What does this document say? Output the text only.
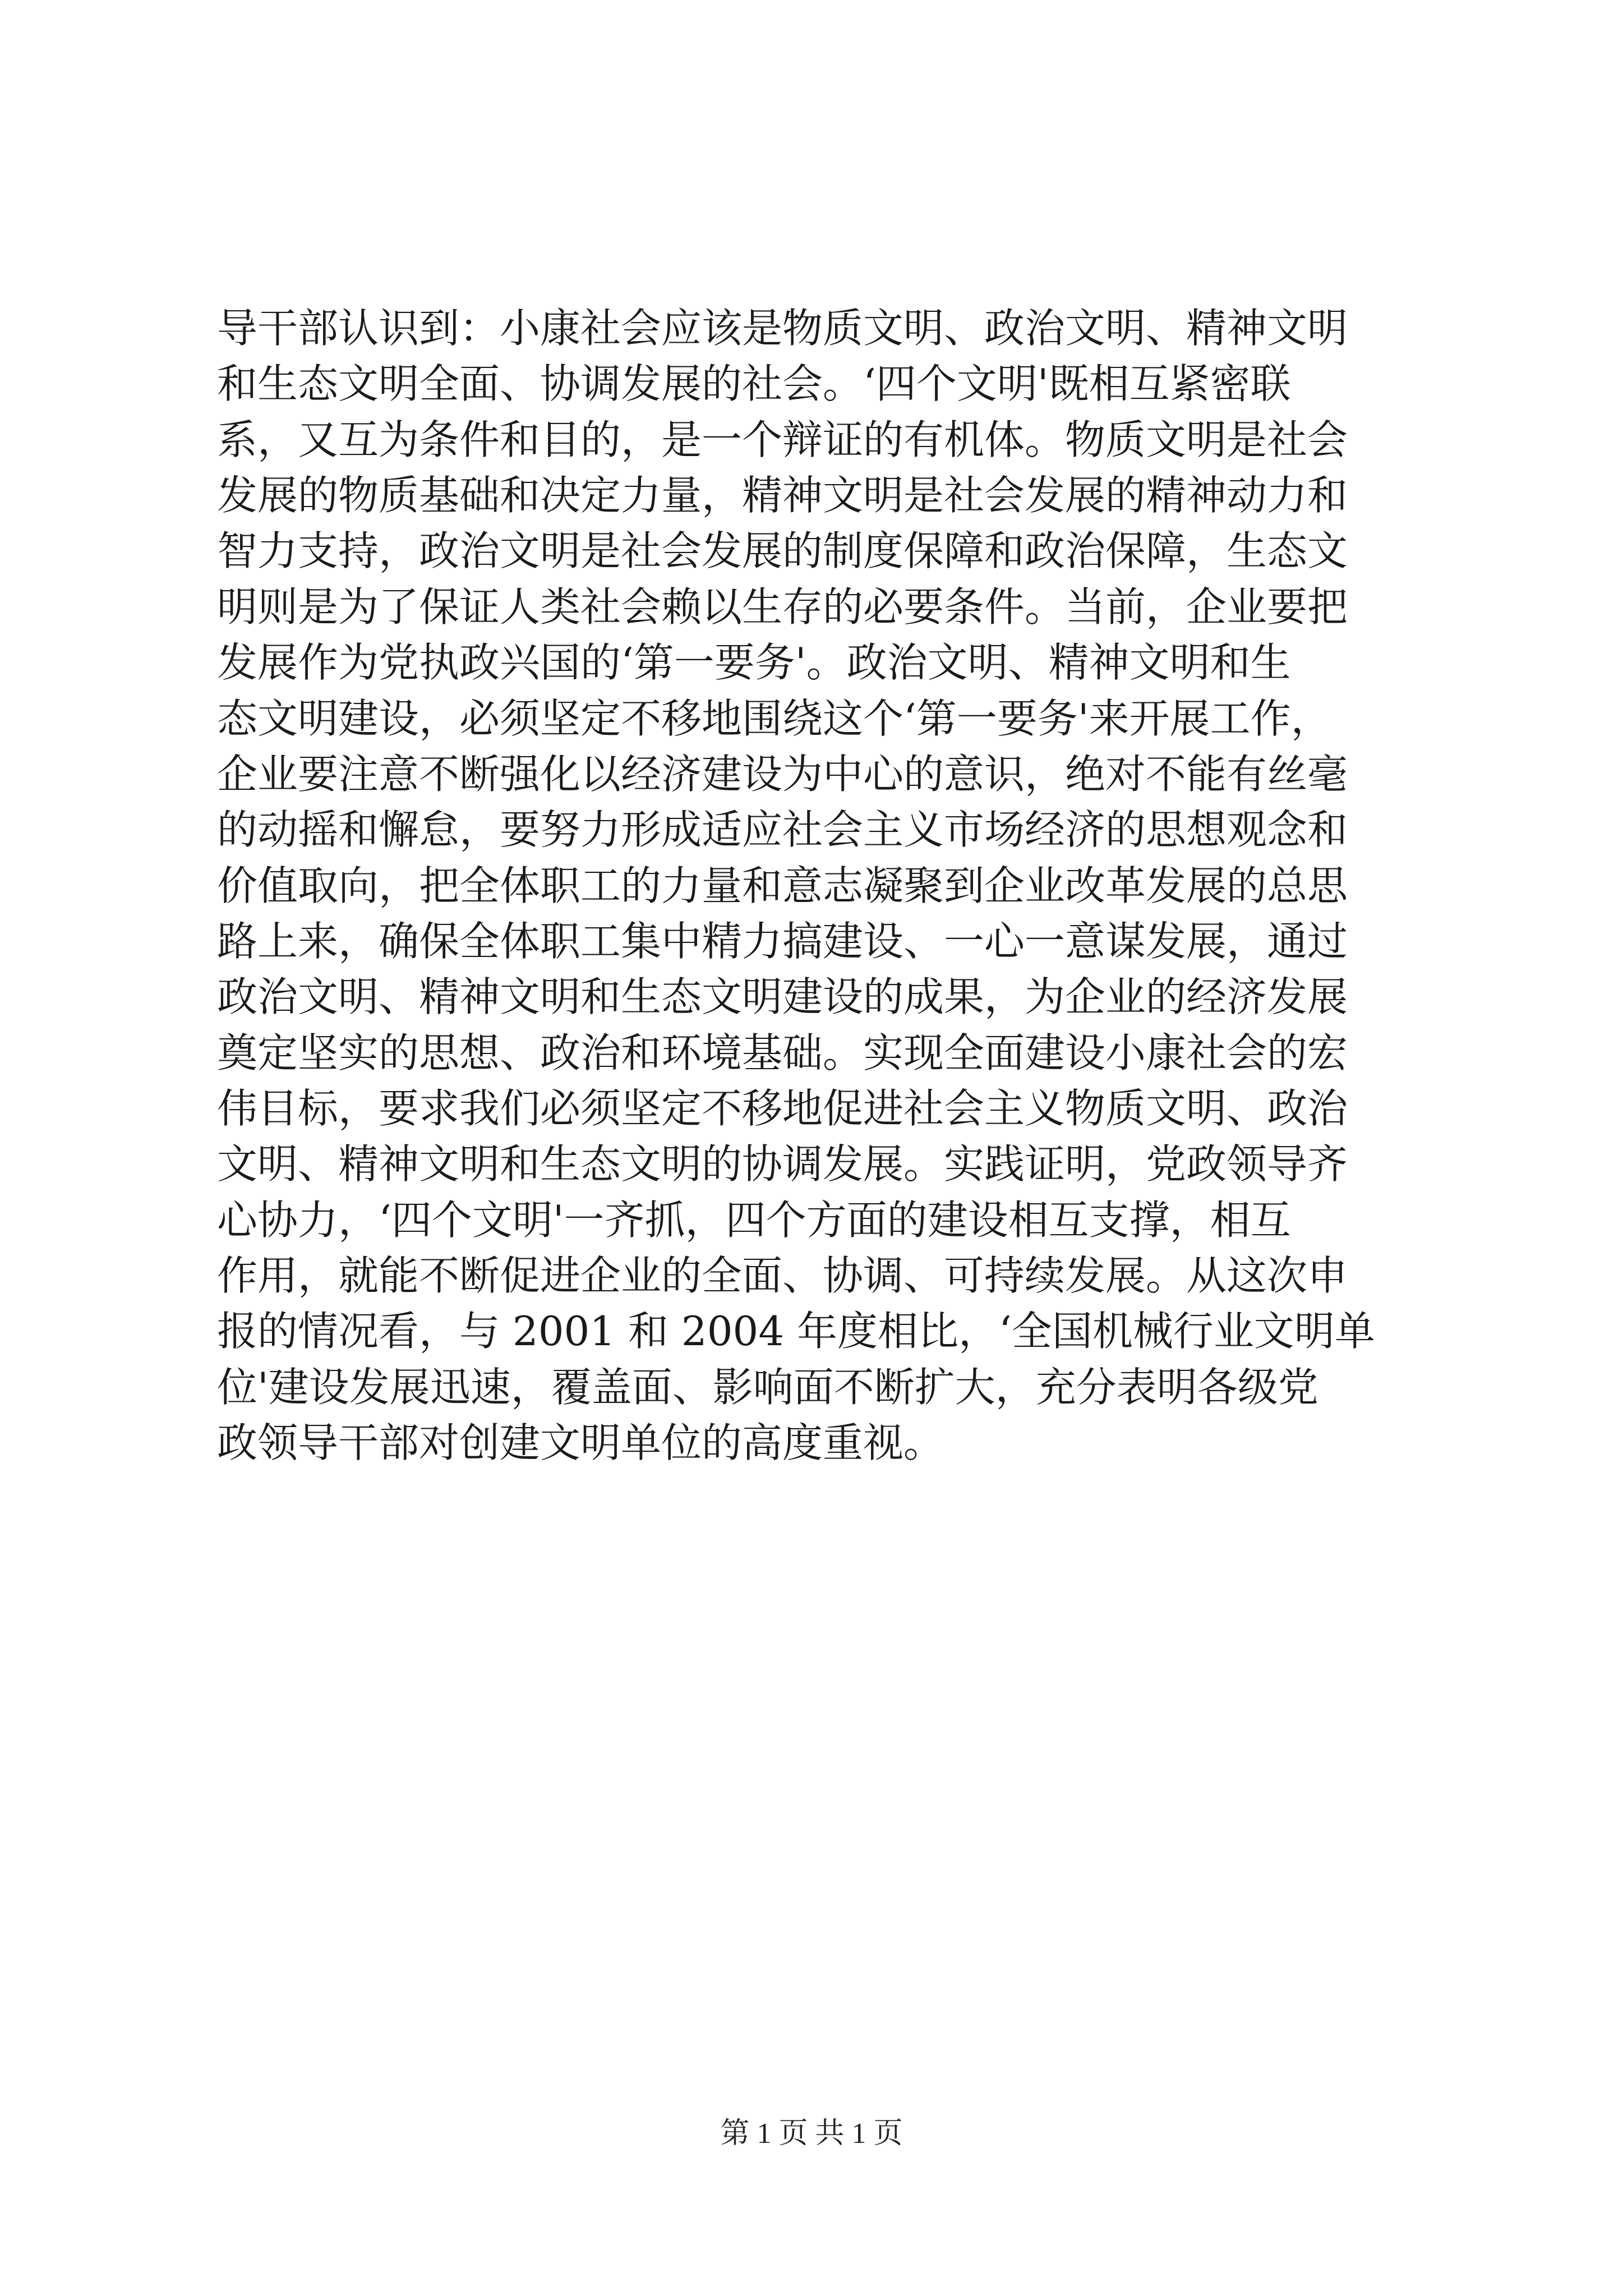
导干部认识到：小康社会应该是物质文明、政治文明、精神文明
和生态文明全面、协调发展的社会。‘四个文明'既相互紧密联
系，又互为条件和目的，是一个辩证的有机体。物质文明是社会
发展的物质基础和决定力量，精神文明是社会发展的精神动力和
智力支持，政治文明是社会发展的制度保障和政治保障，生态文
明则是为了保证人类社会赖以生存的必要条件。当前，企业要把
发展作为党执政兴国的‘第一要务'。政治文明、精神文明和生
态文明建设，必须坚定不移地围绕这个‘第一要务'来开展工作，
企业要注意不断强化以经济建设为中心的意识，绝对不能有丝毫
的动摇和懈怠，要努力形成适应社会主义市场经济的思想观念和
价值取向，把全体职工的力量和意志凝聚到企业改革发展的总思
路上来，确保全体职工集中精力搞建设、一心一意谋发展，通过
政治文明、精神文明和生态文明建设的成果，为企业的经济发展
奠定坚实的思想、政治和环境基础。实现全面建设小康社会的宏
伟目标，要求我们必须坚定不移地促进社会主义物质文明、政治
文明、精神文明和生态文明的协调发展。实践证明，党政领导齐
心协力，‘四个文明'一齐抓，四个方面的建设相互支撑，相互
作用，就能不断促进企业的全面、协调、可持续发展。从这次申
报的情况看，与 2001 和 2004 年度相比，‘全国机械行业文明单
位'建设发展迅速，覆盖面、影响面不断扩大，充分表明各级党
政领导干部对创建文明单位的高度重视。
第 1 页 共 1 页
